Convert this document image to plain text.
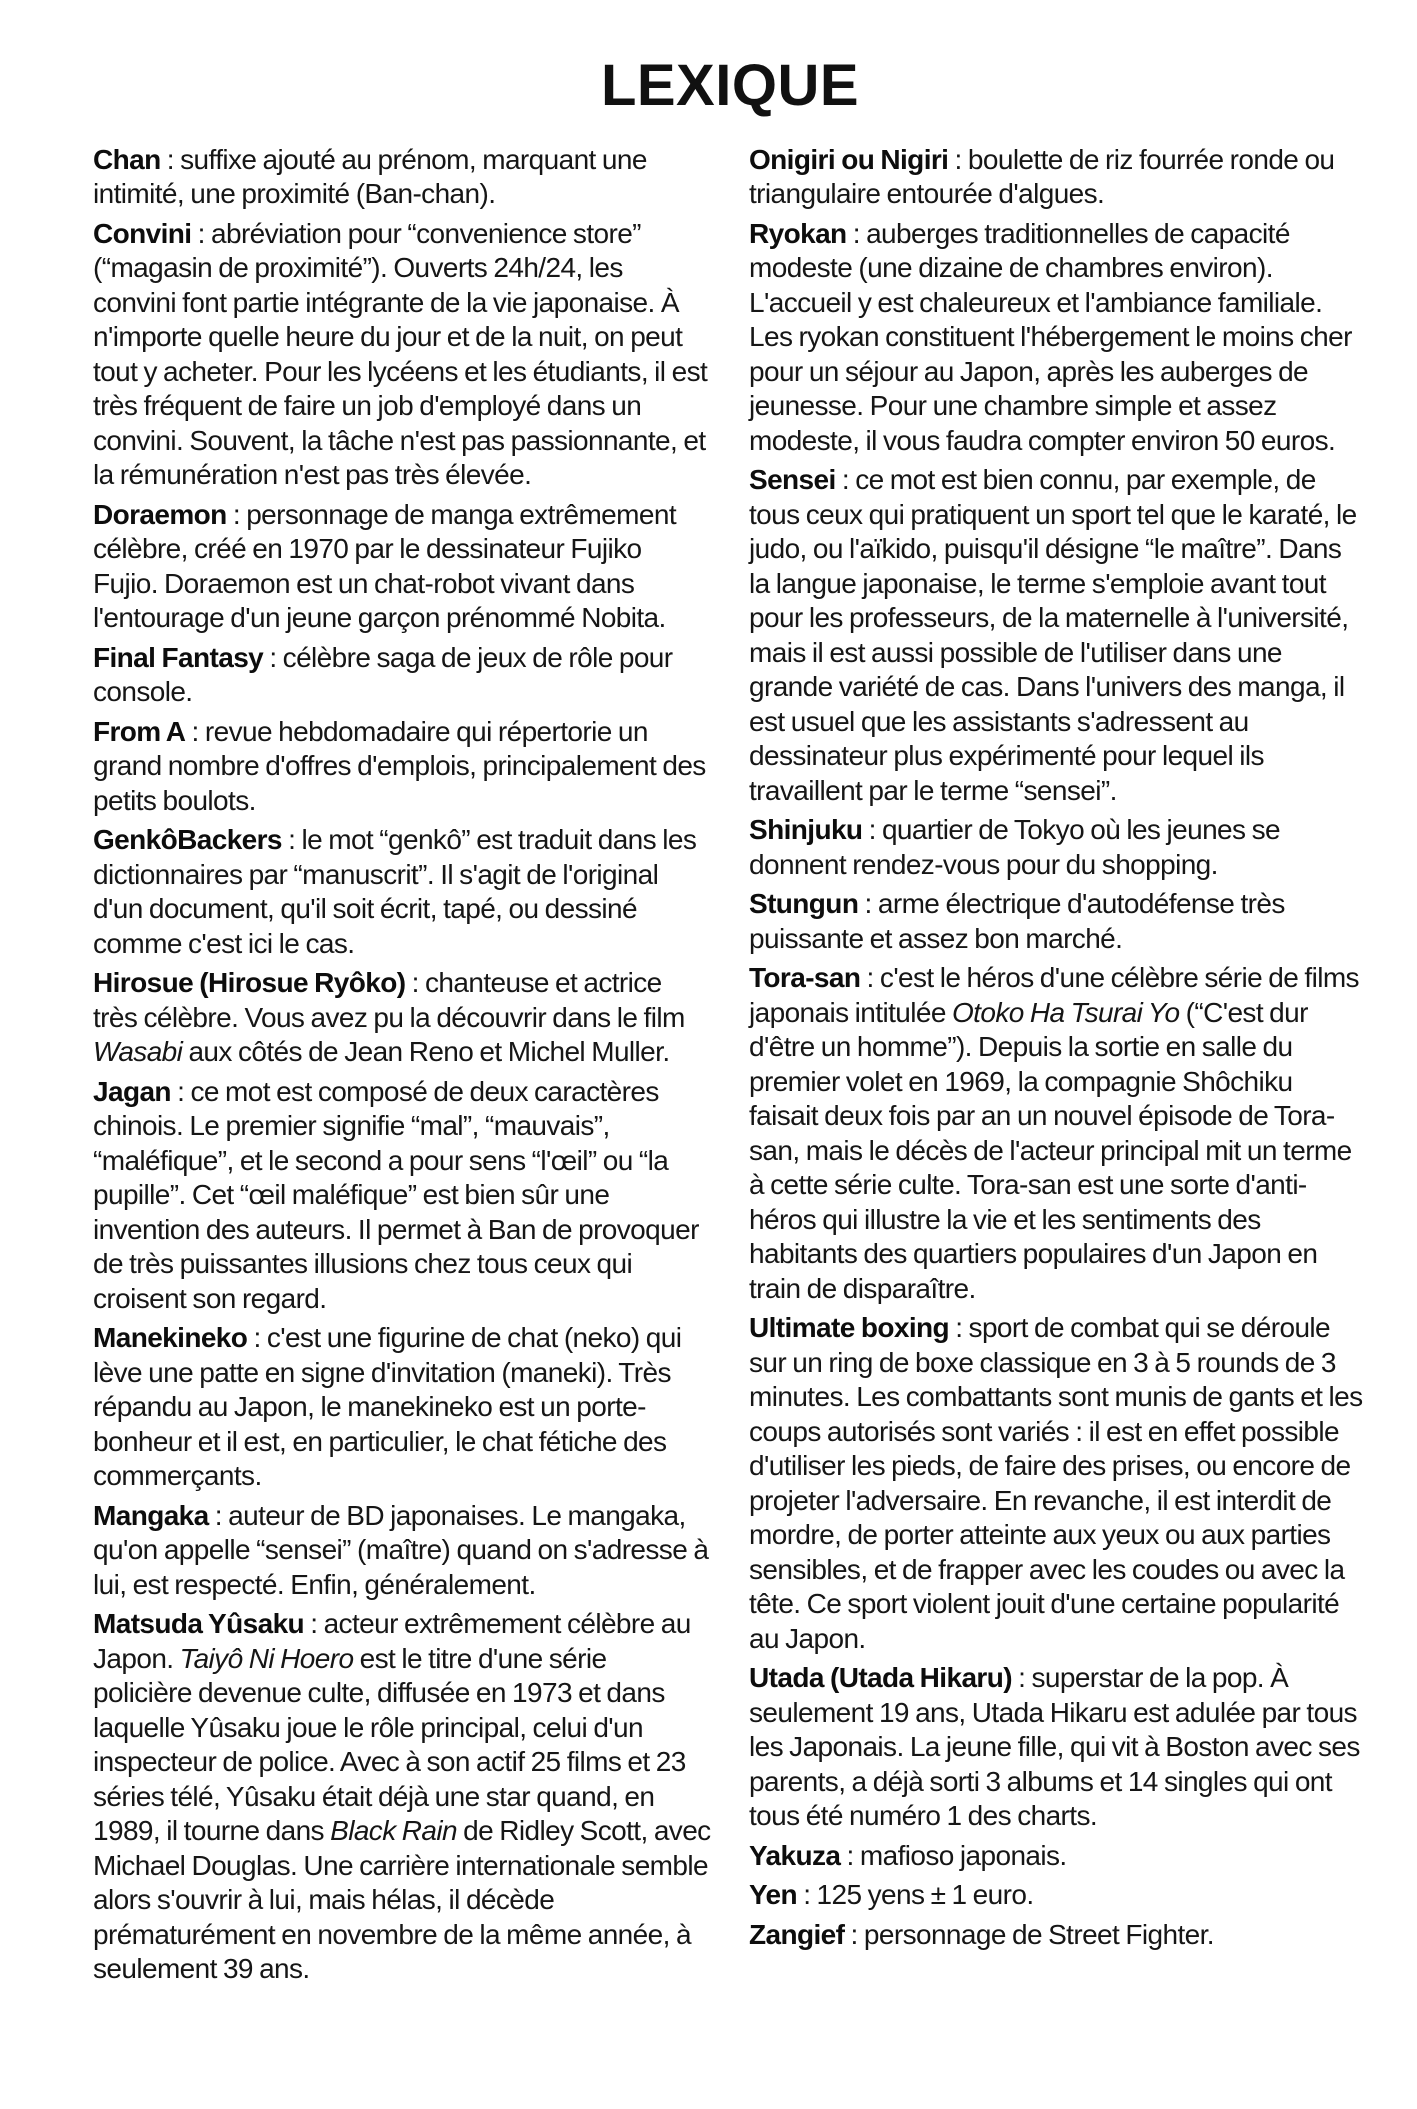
LEXIQUE

Chan : suffixe ajouté au prénom, marquant une intimité, une proximité (Ban-chan).

Convini : abréviation pour “convenience store” (“magasin de proximité”). Ouverts 24h/24, les convini font partie intégrante de la vie japonaise. À n'importe quelle heure du jour et de la nuit, on peut tout y acheter. Pour les lycéens et les étudiants, il est très fréquent de faire un job d'employé dans un convini. Souvent, la tâche n'est pas passionnante, et la rémunération n'est pas très élevée.

Doraemon : personnage de manga extrêmement célèbre, créé en 1970 par le dessinateur Fujiko Fujio. Doraemon est un chat-robot vivant dans l'entourage d'un jeune garçon prénommé Nobita.

Final Fantasy : célèbre saga de jeux de rôle pour console.

From A : revue hebdomadaire qui répertorie un grand nombre d'offres d'emplois, principalement des petits boulots.

GenkôBackers : le mot “genkô” est traduit dans les dictionnaires par “manuscrit”. Il s'agit de l'original d'un document, qu'il soit écrit, tapé, ou dessiné comme c'est ici le cas.

Hirosue (Hirosue Ryôko) : chanteuse et actrice très célèbre. Vous avez pu la découvrir dans le film Wasabi aux côtés de Jean Reno et Michel Muller.

Jagan : ce mot est composé de deux caractères chinois. Le premier signifie “mal”, “mauvais”, “maléfique”, et le second a pour sens “l'œil” ou “la pupille”. Cet “œil maléfique” est bien sûr une invention des auteurs. Il permet à Ban de provoquer de très puissantes illusions chez tous ceux qui croisent son regard.

Manekineko : c'est une figurine de chat (neko) qui lève une patte en signe d'invitation (maneki). Très répandu au Japon, le manekineko est un porte-bonheur et il est, en particulier, le chat fétiche des commerçants.

Mangaka : auteur de BD japonaises. Le mangaka, qu'on appelle “sensei” (maître) quand on s'adresse à lui, est respecté. Enfin, généralement.

Matsuda Yûsaku : acteur extrêmement célèbre au Japon. Taiyô Ni Hoero est le titre d'une série policière devenue culte, diffusée en 1973 et dans laquelle Yûsaku joue le rôle principal, celui d'un inspecteur de police. Avec à son actif 25 films et 23 séries télé, Yûsaku était déjà une star quand, en 1989, il tourne dans Black Rain de Ridley Scott, avec Michael Douglas. Une carrière internationale semble alors s'ouvrir à lui, mais hélas, il décède prématurément en novembre de la même année, à seulement 39 ans.

Onigiri ou Nigiri : boulette de riz fourrée ronde ou triangulaire entourée d'algues.

Ryokan : auberges traditionnelles de capacité modeste (une dizaine de chambres environ). L'accueil y est chaleureux et l'ambiance familiale. Les ryokan constituent l'hébergement le moins cher pour un séjour au Japon, après les auberges de jeunesse. Pour une chambre simple et assez modeste, il vous faudra compter environ 50 euros.

Sensei : ce mot est bien connu, par exemple, de tous ceux qui pratiquent un sport tel que le karaté, le judo, ou l'aïkido, puisqu'il désigne “le maître”. Dans la langue japonaise, le terme s'emploie avant tout pour les professeurs, de la maternelle à l'université, mais il est aussi possible de l'utiliser dans une grande variété de cas. Dans l'univers des manga, il est usuel que les assistants s'adressent au dessinateur plus expérimenté pour lequel ils travaillent par le terme “sensei”.

Shinjuku : quartier de Tokyo où les jeunes se donnent rendez-vous pour du shopping.

Stungun : arme électrique d'autodéfense très puissante et assez bon marché.

Tora-san : c'est le héros d'une célèbre série de films japonais intitulée Otoko Ha Tsurai Yo (“C'est dur d'être un homme”). Depuis la sortie en salle du premier volet en 1969, la compagnie Shôchiku faisait deux fois par an un nouvel épisode de Tora-san, mais le décès de l'acteur principal mit un terme à cette série culte. Tora-san est une sorte d'anti-héros qui illustre la vie et les sentiments des habitants des quartiers populaires d'un Japon en train de disparaître.

Ultimate boxing : sport de combat qui se déroule sur un ring de boxe classique en 3 à 5 rounds de 3 minutes. Les combattants sont munis de gants et les coups autorisés sont variés : il est en effet possible d'utiliser les pieds, de faire des prises, ou encore de projeter l'adversaire. En revanche, il est interdit de mordre, de porter atteinte aux yeux ou aux parties sensibles, et de frapper avec les coudes ou avec la tête. Ce sport violent jouit d'une certaine popularité au Japon.

Utada (Utada Hikaru) : superstar de la pop. À seulement 19 ans, Utada Hikaru est adulée par tous les Japonais. La jeune fille, qui vit à Boston avec ses parents, a déjà sorti 3 albums et 14 singles qui ont tous été numéro 1 des charts.

Yakuza : mafioso japonais.

Yen : 125 yens ± 1 euro.

Zangief : personnage de Street Fighter.
